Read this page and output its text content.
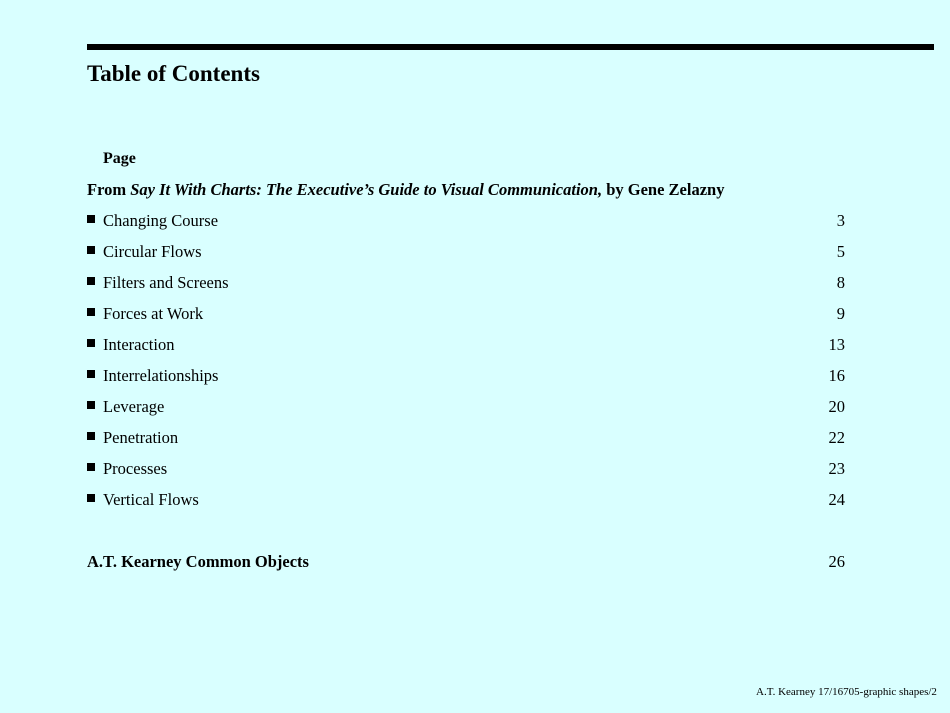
Table of Contents
Page
From Say It With Charts: The Executive’s Guide to Visual Communication, by Gene Zelazny
Changing Course	3
Circular Flows	5
Filters and Screens	8
Forces at Work	9
Interaction	13
Interrelationships	16
Leverage	20
Penetration	22
Processes	23
Vertical Flows	24
A.T. Kearney Common Objects	26
A.T. Kearney 17/16705-graphic shapes/2
